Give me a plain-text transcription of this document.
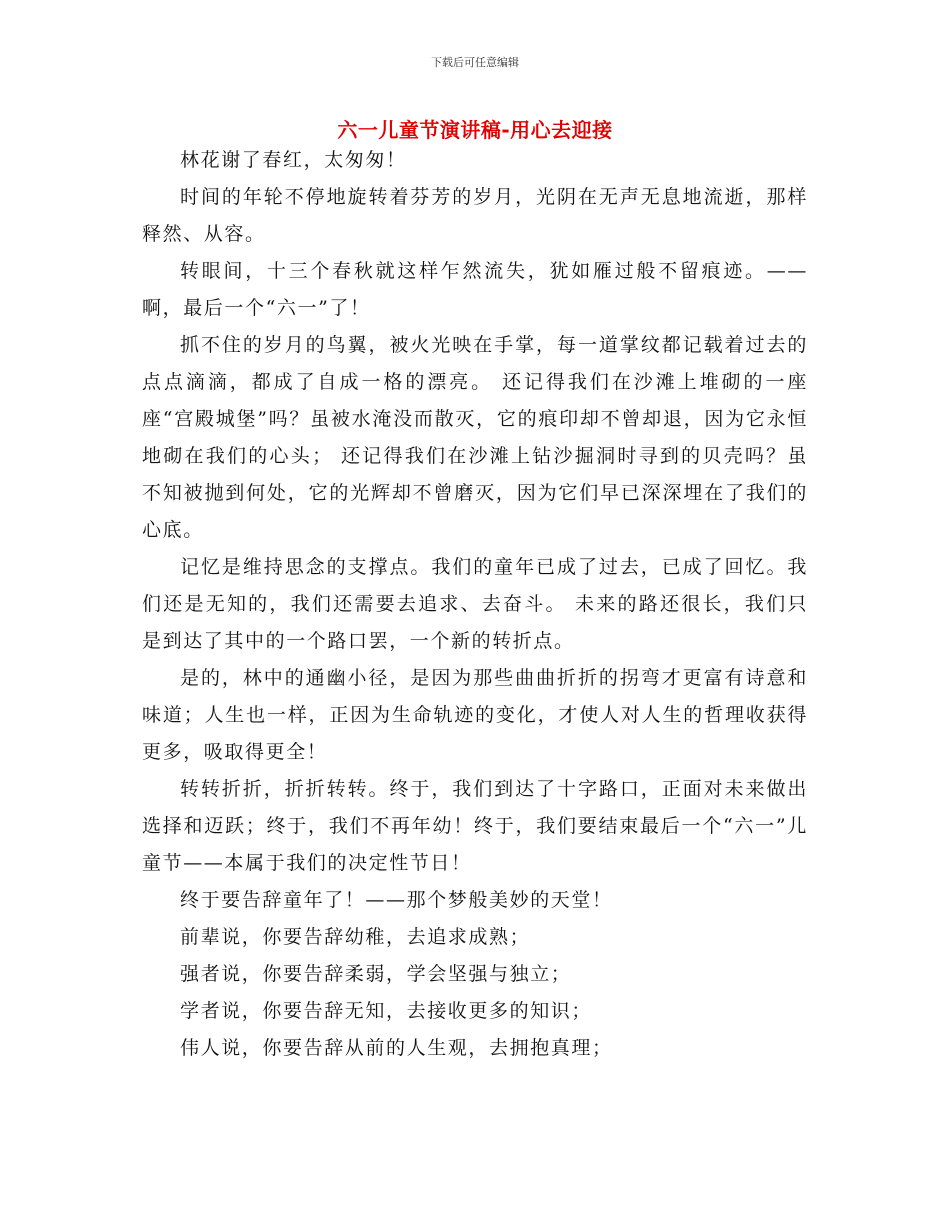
下载后可任意编辑
六一儿童节演讲稿-用心去迎接

林花谢了春红，太匆匆！

时间的年轮不停地旋转着芬芳的岁月，光阴在无声无息地流逝，那样释然、从容。

转眼间，十三个春秋就这样乍然流失，犹如雁过般不留痕迹。——啊，最后一个“六一”了！

抓不住的岁月的鸟翼，被火光映在手掌，每一道掌纹都记载着过去的点点滴滴，都成了自成一格的漂亮。 还记得我们在沙滩上堆砌的一座座“宫殿城堡”吗？虽被水淹没而散灭，它的痕印却不曾却退，因为它永恒地砌在我们的心头； 还记得我们在沙滩上钻沙掘洞时寻到的贝壳吗？虽不知被抛到何处，它的光辉却不曾磨灭，因为它们早已深深埋在了我们的心底。

记忆是维持思念的支撑点。我们的童年已成了过去，已成了回忆。我们还是无知的，我们还需要去追求、去奋斗。 未来的路还很长，我们只是到达了其中的一个路口罢，一个新的转折点。

是的，林中的通幽小径，是因为那些曲曲折折的拐弯才更富有诗意和味道；人生也一样，正因为生命轨迹的变化，才使人对人生的哲理收获得更多，吸取得更全！

转转折折，折折转转。终于，我们到达了十字路口，正面对未来做出选择和迈跃；终于，我们不再年幼！终于，我们要结束最后一个“六一”儿童节——本属于我们的决定性节日！

终于要告辞童年了！——那个梦般美妙的天堂！

前辈说，你要告辞幼稚，去追求成熟；

强者说，你要告辞柔弱，学会坚强与独立；

学者说，你要告辞无知，去接收更多的知识；

伟人说，你要告辞从前的人生观，去拥抱真理；
